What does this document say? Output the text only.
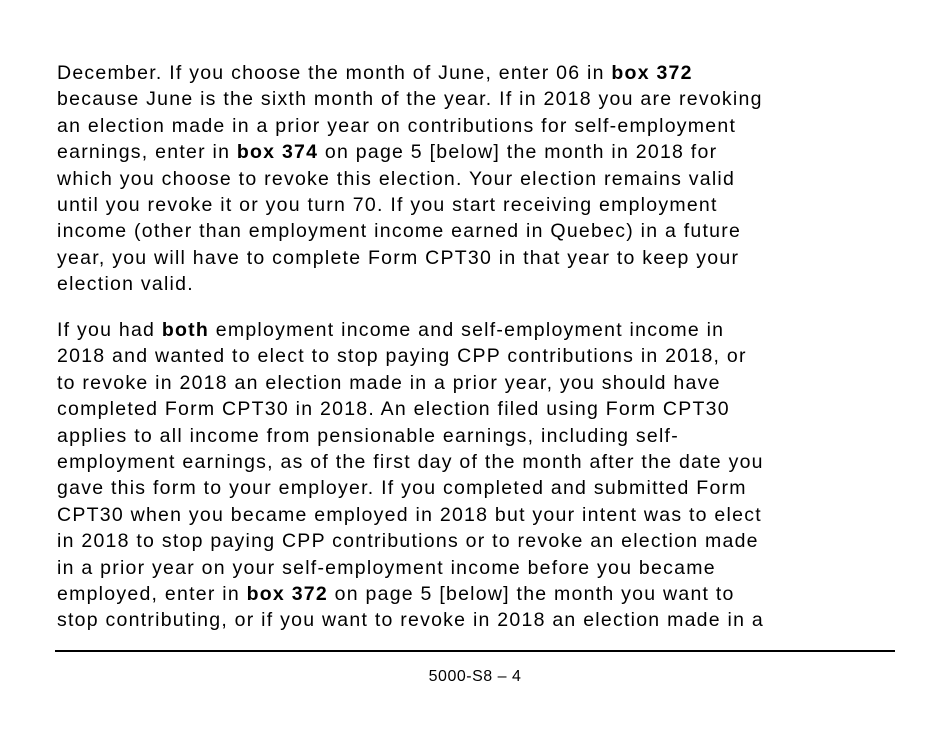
December. If you choose the month of June, enter 06 in box 372
because June is the sixth month of the year. If in 2018 you are revoking
an election made in a prior year on contributions for self-employment
earnings, enter in box 374 on page 5 [below] the month in 2018 for
which you choose to revoke this election. Your election remains valid
until you revoke it or you turn 70. If you start receiving employment
income (other than employment income earned in Quebec) in a future
year, you will have to complete Form CPT30 in that year to keep your
election valid.

If you had both employment income and self-employment income in
2018 and wanted to elect to stop paying CPP contributions in 2018, or
to revoke in 2018 an election made in a prior year, you should have
completed Form CPT30 in 2018. An election filed using Form CPT30
applies to all income from pensionable earnings, including self-
employment earnings, as of the first day of the month after the date you
gave this form to your employer. If you completed and submitted Form
CPT30 when you became employed in 2018 but your intent was to elect
in 2018 to stop paying CPP contributions or to revoke an election made
in a prior year on your self-employment income before you became
employed, enter in box 372 on page 5 [below] the month you want to
stop contributing, or if you want to revoke in 2018 an election made in a

5000-S8 – 4
